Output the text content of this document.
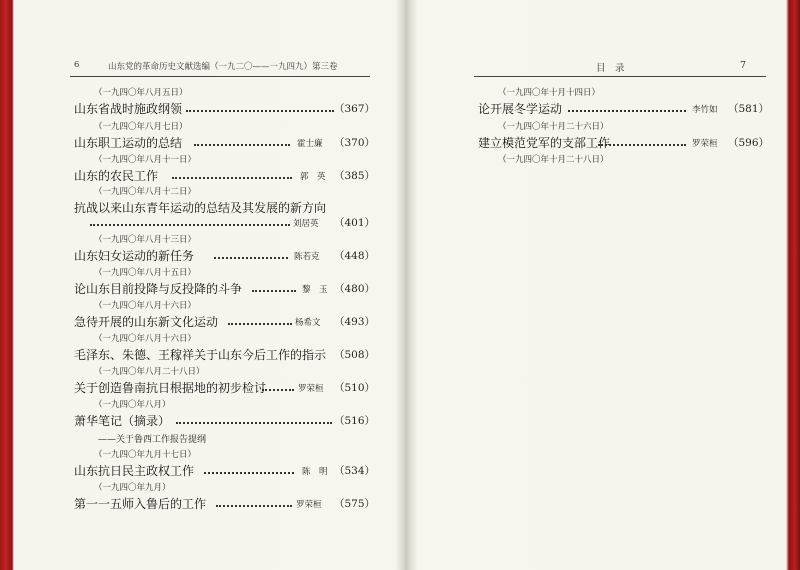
6	山东党的革命历史文献选编（一九二〇——一九四九）第三卷
（一九四〇年八月五日）
山东省战时施政纲领	（367）
（一九四〇年八月七日）
山东职工运动的总结	霍士廉 （370）
（一九四〇年八月十一日）
山东的农民工作	郭　英 （385）
（一九四〇年八月十二日）
抗战以来山东青年运动的总结及其发展的新方向
刘居英 （401）
（一九四〇年八月十三日）
山东妇女运动的新任务	陈若克 （448）
（一九四〇年八月十五日）
论山东目前投降与反投降的斗争	黎　玉 （480）
（一九四〇年八月十六日）
急待开展的山东新文化运动	杨希文 （493）
（一九四〇年八月十六日）
毛泽东、朱德、王稼祥关于山东今后工作的指示 （508）
（一九四〇年八月二十八日）
关于创造鲁南抗日根据地的初步检讨	罗荣桓 （510）
（一九四〇年八月）
萧华笔记（摘录）	（516）
——关于鲁西工作报告提纲
（一九四〇年九月十七日）
山东抗日民主政权工作	陈　明 （534）
（一九四〇年九月）
第一一五师入鲁后的工作	罗荣桓 （575）
目　录	7
（一九四〇年十月十四日）
论开展冬学运动	李竹如 （581）
（一九四〇年十月二十六日）
建立模范党军的支部工作	罗荣桓 （596）
（一九四〇年十月二十八日）
